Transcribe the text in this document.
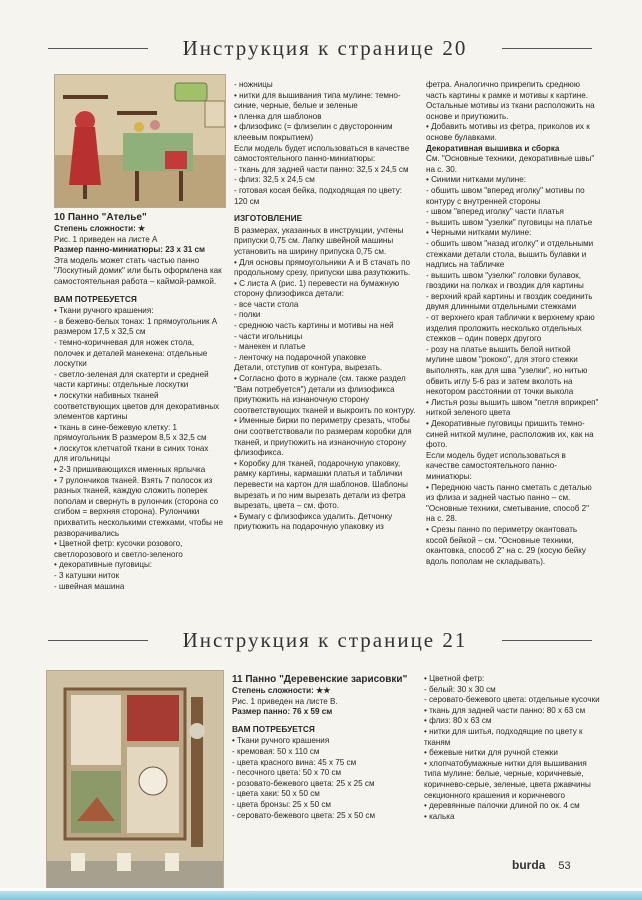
Инструкция к странице 20

10 Панно "Ателье"

Степень сложности: ★

Рис. 1 приведен на листе А

Размер панно-миниатюры: 23 x 31 см

Эта модель может стать частью панно "Лоскутный домик" или быть оформлена как самостоятельная работа – каймой-рамкой.

ВАМ ПОТРЕБУЕТСЯ

• Ткани ручного крашения:

- в бежево-белых тонах: 1 прямоугольник А размером 17,5 x 32,5 см

- темно-коричневая для ножек стола, полочек и деталей манекена: отдельные лоскутки

- светло-зеленая для скатерти и средней части картины: отдельные лоскутки

• лоскутки набивных тканей соответствующих цветов для декоративных элементов картины

• ткань в сине-бежевую клетку: 1 прямоугольник В размером 8,5 x 32,5 см

• лоскуток клетчатой ткани в синих тонах для игольницы

• 2-3 пришивающихся именных ярлычка

• 7 рулончиков тканей. Взять 7 полосок из разных тканей, каждую сложить поперек пополам и свернуть в рулончик (сторона со сгибом = верхняя сторона). Рулончики прихватить несколькими стежками, чтобы не разворачивались

• Цветной фетр: кусочки розового, светлорозового и светло-зеленого

• декоративные пуговицы:

- 3 катушки ниток

- швейная машина

- ножницы

• нитки для вышивания типа мулине: темно-синие, черные, белые и зеленые

• пленка для шаблонов

• флизофикс (= флизелин с двусторонним клеевым покрытием)

Если модель будет использоваться в качестве самостоятельного панно-миниатюры:

- ткань для задней части панно: 32,5 x 24,5 см

- флиз: 32,5 x 24,5 см

- готовая косая бейка, подходящая по цвету: 120 см

ИЗГОТОВЛЕНИЕ

В размерах, указанных в инструкции, учтены припуски 0,75 см. Лапку швейной машины установить на ширину припуска 0,75 см.

• Для основы прямоугольники А и В стачать по продольному срезу, припуски шва разутюжить.

• С листа А (рис. 1) перевести на бумажную сторону флизофикса детали:

- все части стола

- полки

- среднюю часть картины и мотивы на ней

- части игольницы

- манекен и платье

- ленточку на подарочной упаковке

Детали, отступив от контура, вырезать.

• Согласно фото в журнале (см. также раздел "Вам потребуется") детали из флизофикса приутюжить на изнаночную сторону соответствующих тканей и выкроить по контуру.

• Именные бирки по периметру срезать, чтобы они соответствовали по размерам коробки для тканей, и приутюжить на изнаночную сторону флизофикса.

• Коробку для тканей, подарочную упаковку, рамку картины, кармашки платья и таблички перевести на картон для шаблонов. Шаблоны вырезать и по ним вырезать детали из фетра вырезать, цвета – см. фото.

• Бумагу с флизофикса удалить. Детчонку приутюжить на подарочную упаковку из

фетра. Аналогично прикрепить среднюю часть картины к рамке и мотивы к картине. Остальные мотивы из ткани расположить на основе и приутюжить.

• Добавить мотивы из фетра, приколов их к основе булавками.

Декоративная вышивка и сборка

См. "Основные техники, декоративные швы" на с. 30.

• Синими нитками мулине:

- обшить швом "вперед иголку" мотивы по контуру с внутренней стороны

- швом "вперед иголку" части платья

- вышить швом "узелки" пуговицы на платье

• Черными нитками мулине:

- обшить швом "назад иголку" и отдельными стежками детали стола, вышить булавки и надпись на табличке

- вышить швом "узелки" головки булавок, гвоздики на полках и гвоздик для картины

- верхний край картины и гвоздик соединить двумя длинными отдельными стежками

- от верхнего края таблички к верхнему краю изделия проложить несколько отдельных стежков – один поверх другого

- розу на платье вышить белой ниткой мулине швом "рококо", для этого стежки выполнять, как для шва "узелки", но нитью обвить иглу 5-6 раз и затем вколоть на некотором расстоянии от точки выкола

• Листья розы вышить швом "петля вприкреп" ниткой зеленого цвета

• Декоративные пуговицы пришить темно-синей ниткой мулине, расположив их, как на фото.

Если модель будет использоваться в качестве самостоятельного панно-миниатюры:

• Переднюю часть панно сметать с деталью из флиза и задней частью панно – см. "Основные техники, сметывание, способ 2" на с. 28.

• Срезы панно по периметру окантовать косой бейкой – см. "Основные техники, окантовка, способ 2" на с. 29 (косую бейку вдоль пополам не складывать).

Инструкция к странице 21

11 Панно "Деревенские зарисовки"

Степень сложности: ★★

Рис. 1 приведен на листе В.

Размер панно: 76 x 59 см

ВАМ ПОТРЕБУЕТСЯ

• Ткани ручного крашения

- кремовая: 50 x 110 см

- цвета красного вина: 45 x 75 см

- песочного цвета: 50 x 70 см

- розовато-бежевого цвета: 25 x 25 см

- цвета хаки: 50 x 50 см

- цвета бронзы: 25 x 50 см

- серовато-бежевого цвета: 25 x 50 см

• Цветной фетр:

- белый: 30 x 30 см

- серовато-бежевого цвета: отдельные кусочки

• ткань для задней части панно: 80 x 63 см

• флиз: 80 x 63 см

• нитки для шитья, подходящие по цвету к тканям

• бежевые нитки для ручной стежки

• хлопчатобумажные нитки для вышивания типа мулине: белые, черные, коричневые, коричнево-серые, зеленые, цвета ржавчины секционного крашения и коричневого

• деревянные палочки длиной по ок. 4 см

• калька

burda 53
